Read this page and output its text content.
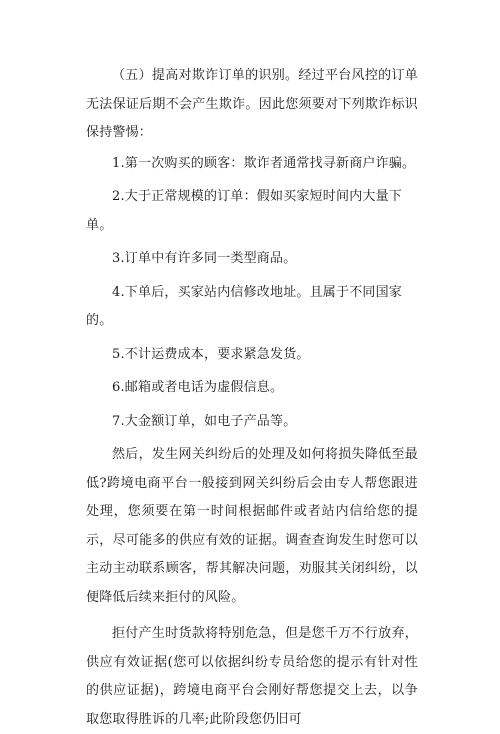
（五）提高对欺诈订单的识别。经过平台风控的订单无法保证后期不会产生欺诈。因此您须要对下列欺诈标识保持警惕：

1.第一次购买的顾客：欺诈者通常找寻新商户诈骗。

2.大于正常规模的订单：假如买家短时间内大量下单。

3.订单中有许多同一类型商品。

4.下单后，买家站内信修改地址。且属于不同国家的。

5.不计运费成本，要求紧急发货。

6.邮箱或者电话为虚假信息。

7.大金额订单，如电子产品等。

然后，发生网关纠纷后的处理及如何将损失降低至最低?跨境电商平台一般接到网关纠纷后会由专人帮您跟进处理，您须要在第一时间根据邮件或者站内信给您的提示，尽可能多的供应有效的证据。调查查询发生时您可以主动主动联系顾客，帮其解决问题，劝服其关闭纠纷，以便降低后续来拒付的风险。

拒付产生时货款将特别危急，但是您千万不行放弃，供应有效证据(您可以依据纠纷专员给您的提示有针对性的供应证据)，跨境电商平台会刚好帮您提交上去，以争取您取得胜诉的几率;此阶段您仍旧可
